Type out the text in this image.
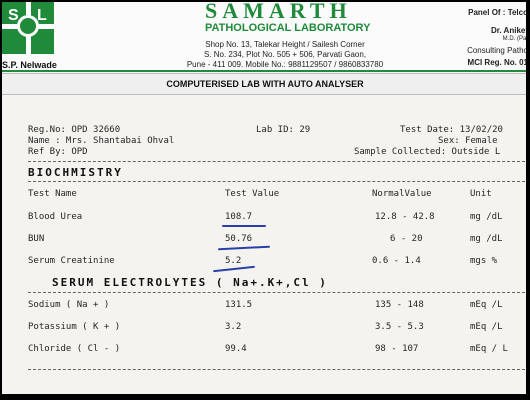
S L
S.P. Nelwade
SAMARTH
PATHOLOGICAL LABORATORY
Shop No. 13, Talekar Height / Sailesh Corner
S. No. 234, Plot No. 505 + 506, Parvati Gaon,
Pune - 411 009. Mobile No.: 9881129507 / 9860833780
Panel Of : Telco
Dr. Aniket
M.D. (Pat
Consulting Patho
MCI Reg. No. 01
COMPUTERISED LAB WITH AUTO ANALYSER
Reg.No: OPD 32660	Lab ID: 29	Test Date: 13/02/20
Name : Mrs. Shantabai Ohval	Sex: Female
Ref By: OPD	Sample Collected: Outside L
BIOCHMISTRY
Test Name	Test Value	NormalValue	Unit
Blood Urea	108.7	12.8 - 42.8	mg /dL
BUN	50.76	6 - 20	mg /dL
Serum Creatinine	5.2	0.6 - 1.4	mgs %
SERUM ELECTROLYTES ( Na+.K+,Cl )
Sodium ( Na + )	131.5	135 - 148	mEq /L
Potassium ( K + )	3.2	3.5 - 5.3	mEq /L
Chloride ( Cl - )	99.4	98 - 107	mEq / L
